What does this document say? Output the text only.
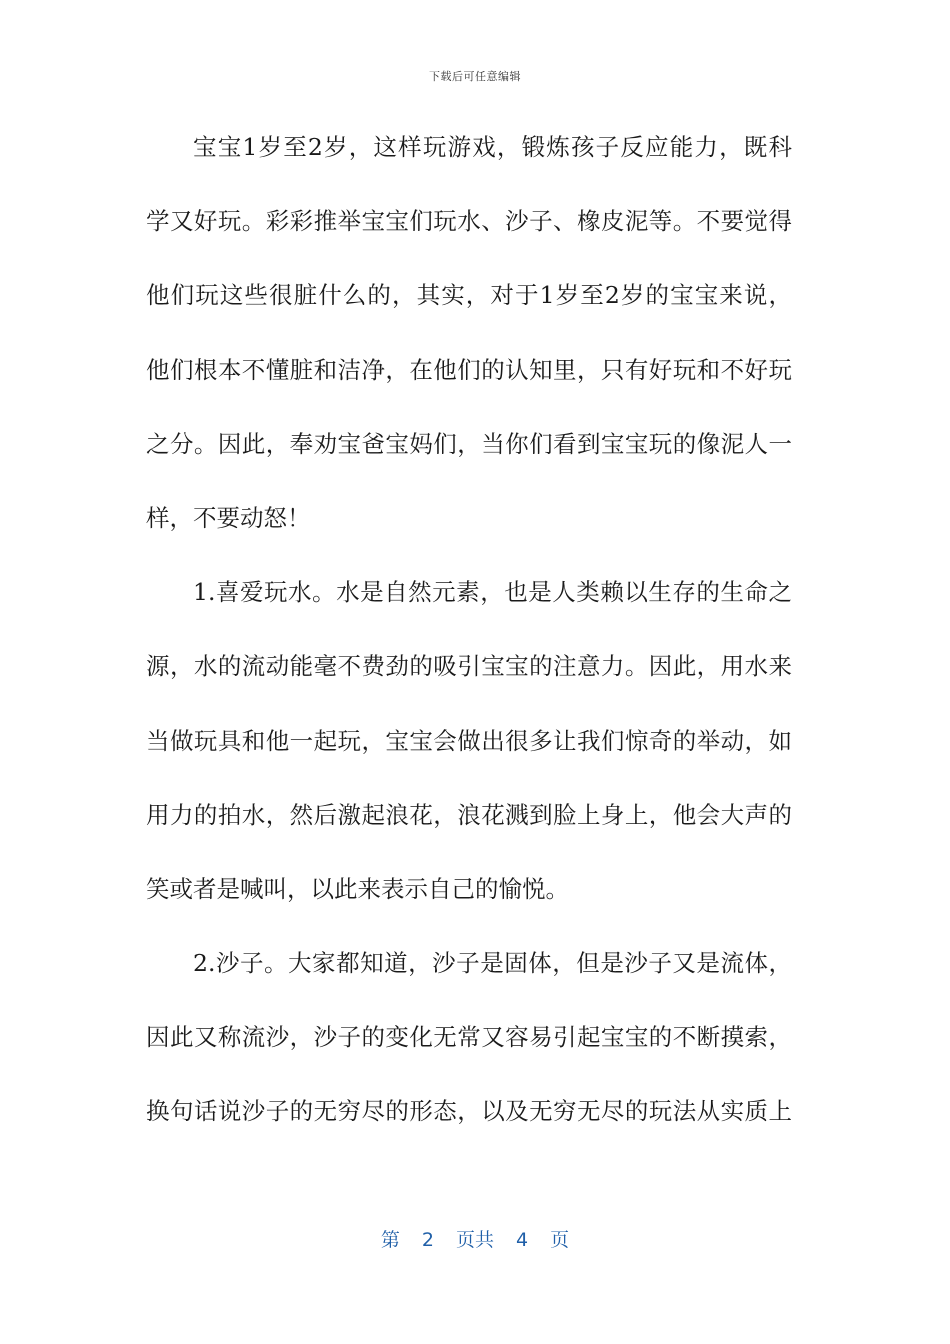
下载后可任意编辑
宝宝1岁至2岁，这样玩游戏，锻炼孩子反应能力，既科
学又好玩。彩彩推举宝宝们玩水、沙子、橡皮泥等。不要觉得
他们玩这些很脏什么的，其实，对于1岁至2岁的宝宝来说，
他们根本不懂脏和洁净，在他们的认知里，只有好玩和不好玩
之分。因此，奉劝宝爸宝妈们，当你们看到宝宝玩的像泥人一
样，不要动怒！
1.喜爱玩水。水是自然元素，也是人类赖以生存的生命之
源，水的流动能毫不费劲的吸引宝宝的注意力。因此，用水来
当做玩具和他一起玩，宝宝会做出很多让我们惊奇的举动，如
用力的拍水，然后激起浪花，浪花溅到脸上身上，他会大声的
笑或者是喊叫，以此来表示自己的愉悦。
2.沙子。大家都知道，沙子是固体，但是沙子又是流体，
因此又称流沙，沙子的变化无常又容易引起宝宝的不断摸索，
换句话说沙子的无穷尽的形态，以及无穷无尽的玩法从实质上
第 2 页共 4 页
